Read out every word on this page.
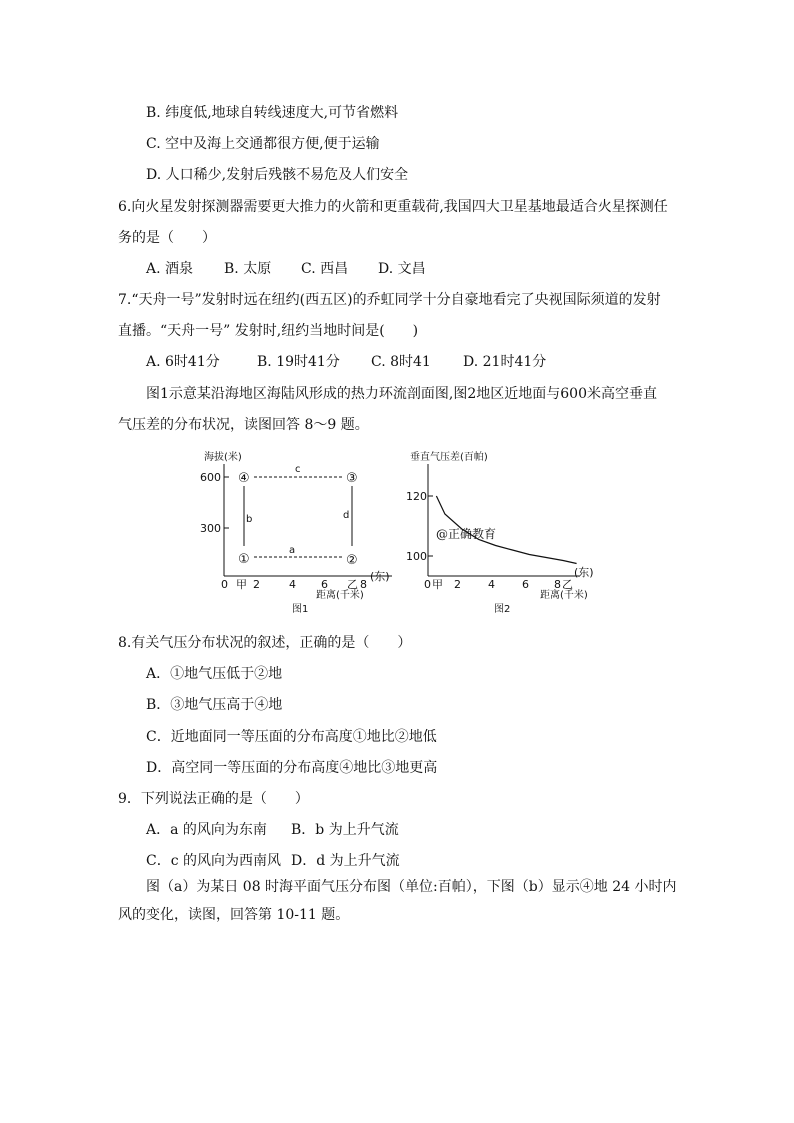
B. 纬度低,地球自转线速度大,可节省燃料
C. 空中及海上交通都很方便,便于运输
D. 人口稀少,发射后残骸不易危及人们安全
6.向火星发射探测器需要更大推力的火箭和更重载荷,我国四大卫星基地最适合火星探测任
务的是（　　）
A. 酒泉 B. 太原 C. 西昌 D. 文昌
7.“天舟一号”发射时远在纽约(西五区)的乔虹同学十分自豪地看完了央视国际须道的发射
直播。“天舟一号” 发射时,纽约当地时间是(　　)
A. 6时41分	B. 19时41分 C. 8时41 D. 21时41分
图1示意某沿海地区海陆风形成的热力环流剖面图,图2地区近地面与600米高空垂直
气压差的分布状况，读图回答 8～9 题。
海拔(米)
600
300
0 甲 2	4 6 乙 8
(东)
距离(千米)
图1
④	③
①	②
c
a
b	d
垂直气压差(百帕)
120
100
0 甲 2 4 6 8 乙
(东)
距离(千米)
图2
@正确教育
8.有关气压分布状况的叙述，正确的是（　　）
A．①地气压低于②地
B．③地气压高于④地
C．近地面同一等压面的分布高度①地比②地低
D．高空同一等压面的分布高度④地比③地更高
9．下列说法正确的是（　　）
A．a 的风向为东南 B．b 为上升气流
C．c 的风向为西南风 D．d 为上升气流
图（a）为某日 08 时海平面气压分布图（单位:百帕），下图（b）显示④地 24 小时内
风的变化，读图，回答第 10-11 题。
